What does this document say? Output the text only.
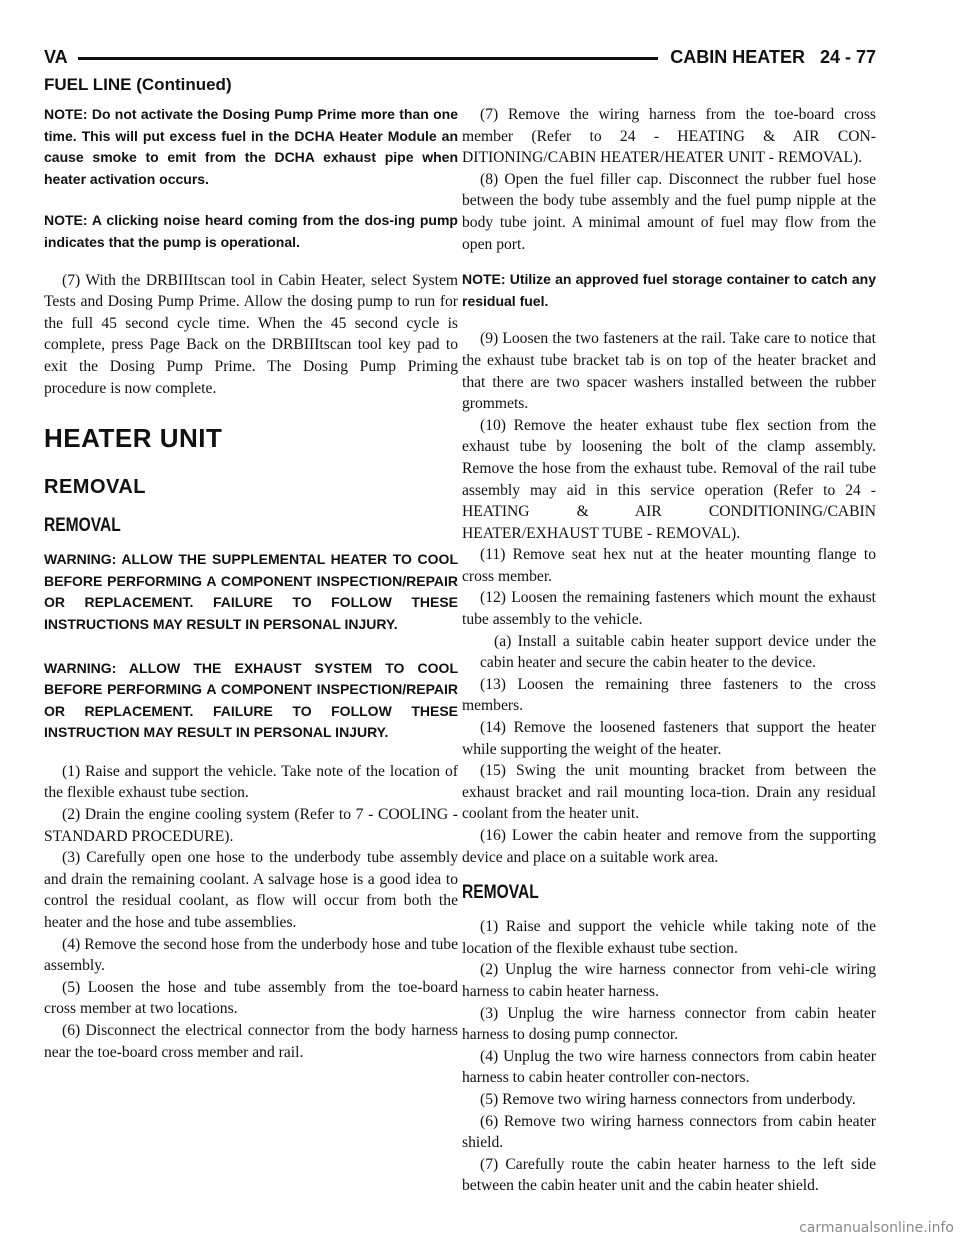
VA	CABIN HEATER   24 - 77
FUEL LINE (Continued)

NOTE: Do not activate the Dosing Pump Prime more than one time. This will put excess fuel in the DCHA Heater Module an cause smoke to emit from the DCHA exhaust pipe when heater activation occurs.

NOTE: A clicking noise heard coming from the dos-ing pump indicates that the pump is operational.

(7) With the DRBIIItscan tool in Cabin Heater, select System Tests and Dosing Pump Prime. Allow the dosing pump to run for the full 45 second cycle time. When the 45 second cycle is complete, press Page Back on the DRBIIItscan tool key pad to exit the Dosing Pump Prime. The Dosing Pump Priming procedure is now complete.

HEATER UNIT
REMOVAL
REMOVAL

WARNING: ALLOW THE SUPPLEMENTAL HEATER TO COOL BEFORE PERFORMING A COMPONENT INSPECTION/REPAIR OR REPLACEMENT. FAILURE TO FOLLOW THESE INSTRUCTIONS MAY RESULT IN PERSONAL INJURY.

WARNING: ALLOW THE EXHAUST SYSTEM TO COOL BEFORE PERFORMING A COMPONENT INSPECTION/REPAIR OR REPLACEMENT. FAILURE TO FOLLOW THESE INSTRUCTION MAY RESULT IN PERSONAL INJURY.

(1) Raise and support the vehicle. Take note of the location of the flexible exhaust tube section.

(2) Drain the engine cooling system (Refer to 7 - COOLING - STANDARD PROCEDURE).

(3) Carefully open one hose to the underbody tube assembly and drain the remaining coolant. A salvage hose is a good idea to control the residual coolant, as flow will occur from both the heater and the hose and tube assemblies.

(4) Remove the second hose from the underbody hose and tube assembly.

(5) Loosen the hose and tube assembly from the toe-board cross member at two locations.

(6) Disconnect the electrical connector from the body harness near the toe-board cross member and rail.

(7) Remove the wiring harness from the toe-board cross member (Refer to 24 - HEATING & AIR CON-DITIONING/CABIN HEATER/HEATER UNIT - REMOVAL).

(8) Open the fuel filler cap. Disconnect the rubber fuel hose between the body tube assembly and the fuel pump nipple at the body tube joint. A minimal amount of fuel may flow from the open port.

NOTE: Utilize an approved fuel storage container to catch any residual fuel.

(9) Loosen the two fasteners at the rail. Take care to notice that the exhaust tube bracket tab is on top of the heater bracket and that there are two spacer washers installed between the rubber grommets.

(10) Remove the heater exhaust tube flex section from the exhaust tube by loosening the bolt of the clamp assembly. Remove the hose from the exhaust tube. Removal of the rail tube assembly may aid in this service operation (Refer to 24 - HEATING & AIR CONDITIONING/CABIN HEATER/EXHAUST TUBE - REMOVAL).

(11) Remove seat hex nut at the heater mounting flange to cross member.

(12) Loosen the remaining fasteners which mount the exhaust tube assembly to the vehicle.

(a) Install a suitable cabin heater support device under the cabin heater and secure the cabin heater to the device.

(13) Loosen the remaining three fasteners to the cross members.

(14) Remove the loosened fasteners that support the heater while supporting the weight of the heater.

(15) Swing the unit mounting bracket from between the exhaust bracket and rail mounting loca-tion. Drain any residual coolant from the heater unit.

(16) Lower the cabin heater and remove from the supporting device and place on a suitable work area.

REMOVAL

(1) Raise and support the vehicle while taking note of the location of the flexible exhaust tube section.

(2) Unplug the wire harness connector from vehi-cle wiring harness to cabin heater harness.

(3) Unplug the wire harness connector from cabin heater harness to dosing pump connector.

(4) Unplug the two wire harness connectors from cabin heater harness to cabin heater controller con-nectors.

(5) Remove two wiring harness connectors from underbody.

(6) Remove two wiring harness connectors from cabin heater shield.

(7) Carefully route the cabin heater harness to the left side between the cabin heater unit and the cabin heater shield.

carmanualsonline.info
